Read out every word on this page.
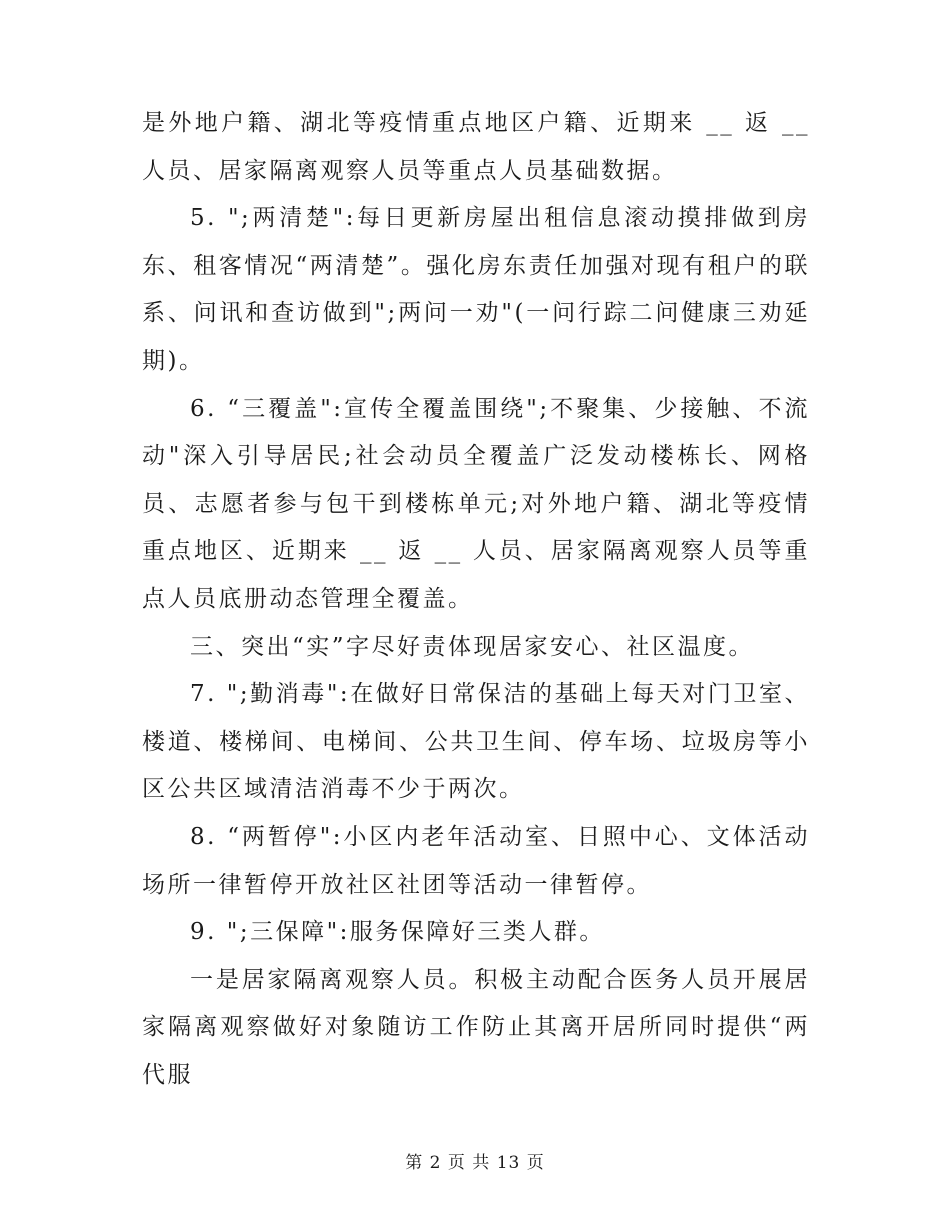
是外地户籍、湖北等疫情重点地区户籍、近期来 __ 返 __ 人员、居家隔离观察人员等重点人员基础数据。

5. ";两清楚":每日更新房屋出租信息滚动摸排做到房东、租客情况“两清楚”。强化房东责任加强对现有租户的联系、问讯和查访做到";两问一劝"(一问行踪二问健康三劝延期)。

6. “三覆盖":宣传全覆盖围绕";不聚集、少接触、不流动"深入引导居民;社会动员全覆盖广泛发动楼栋长、网格员、志愿者参与包干到楼栋单元;对外地户籍、湖北等疫情重点地区、近期来 __ 返 __ 人员、居家隔离观察人员等重点人员底册动态管理全覆盖。

三、突出“实”字尽好责体现居家安心、社区温度。

7. ";勤消毒":在做好日常保洁的基础上每天对门卫室、楼道、楼梯间、电梯间、公共卫生间、停车场、垃圾房等小区公共区域清洁消毒不少于两次。

8. “两暂停":小区内老年活动室、日照中心、文体活动场所一律暂停开放社区社团等活动一律暂停。

9. ";三保障":服务保障好三类人群。

一是居家隔离观察人员。积极主动配合医务人员开展居家隔离观察做好对象随访工作防止其离开居所同时提供“两代服

第 2 页 共 13 页
